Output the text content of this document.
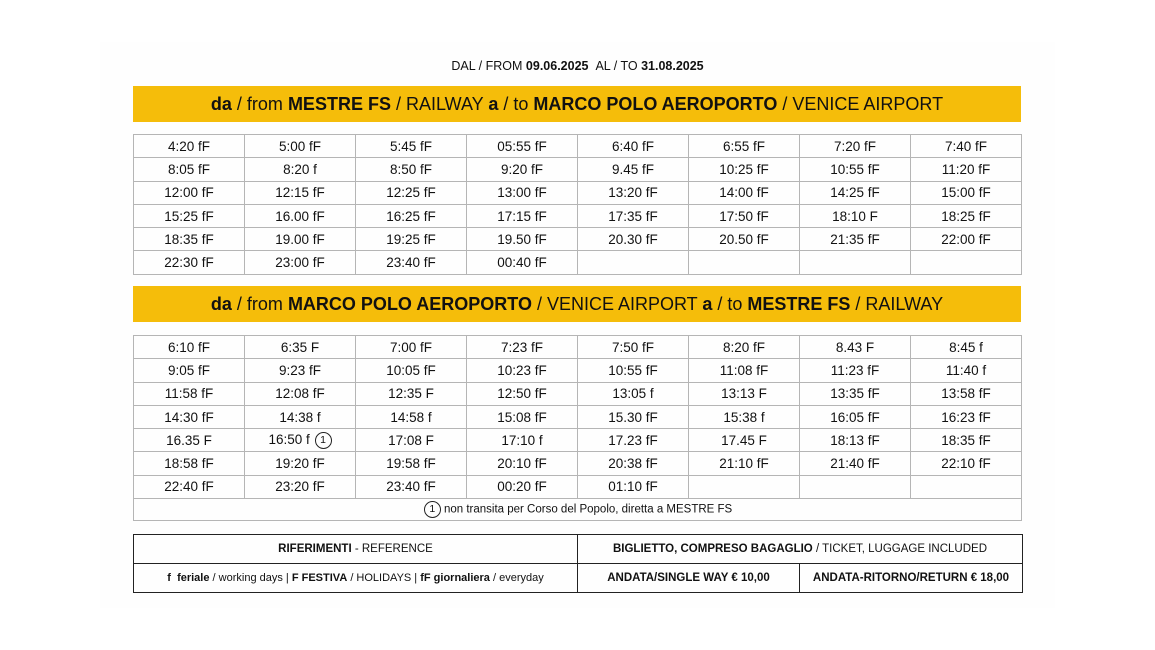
DAL / FROM 09.06.2025 AL / TO 31.08.2025
da / from MESTRE FS / RAILWAY a / to MARCO POLO AEROPORTO / VENICE AIRPORT
4:20 fF	5:00 fF	5:45 fF	05:55 fF	6:40 fF	6:55 fF	7:20 fF	7:40 fF
8:05 fF	8:20 f	8:50 fF	9:20 fF	9.45 fF	10:25 fF	10:55 fF	11:20 fF
12:00 fF	12:15 fF	12:25 fF	13:00 fF	13:20 fF	14:00 fF	14:25 fF	15:00 fF
15:25 fF	16.00 fF	16:25 fF	17:15 fF	17:35 fF	17:50 fF	18:10 F	18:25 fF
18:35 fF	19.00 fF	19:25 fF	19.50 fF	20.30 fF	20.50 fF	21:35 fF	22:00 fF
22:30 fF	23:00 fF	23:40 fF	00:40 fF				
da / from MARCO POLO AEROPORTO / VENICE AIRPORT a / to MESTRE FS / RAILWAY
6:10 fF	6:35 F	7:00 fF	7:23 fF	7:50 fF	8:20 fF	8.43 F	8:45 f
9:05 fF	9:23 fF	10:05 fF	10:23 fF	10:55 fF	11:08 fF	11:23 fF	11:40 f
11:58 fF	12:08 fF	12:35 F	12:50 fF	13:05 f	13:13 F	13:35 fF	13:58 fF
14:30 fF	14:38 f	14:58 f	15:08 fF	15.30 fF	15:38 f	16:05 fF	16:23 fF
16.35 F	16:50 f 1	17:08 F	17:10 f	17.23 fF	17.45 F	18:13 fF	18:35 fF
18:58 fF	19:20 fF	19:58 fF	20:10 fF	20:38 fF	21:10 fF	21:40 fF	22:10 fF
22:40 fF	23:20 fF	23:40 fF	00:20 fF	01:10 fF			
1 non transita per Corso del Popolo, diretta a MESTRE FS							
RIFERIMENTI - REFERENCE	BIGLIETTO, COMPRESO BAGAGLIO / TICKET, LUGGAGE INCLUDED	
f feriale / working days | F FESTIVA / HOLIDAYS | fF giornaliera / everyday	ANDATA/SINGLE WAY € 10,00	ANDATA-RITORNO/RETURN € 18,00
